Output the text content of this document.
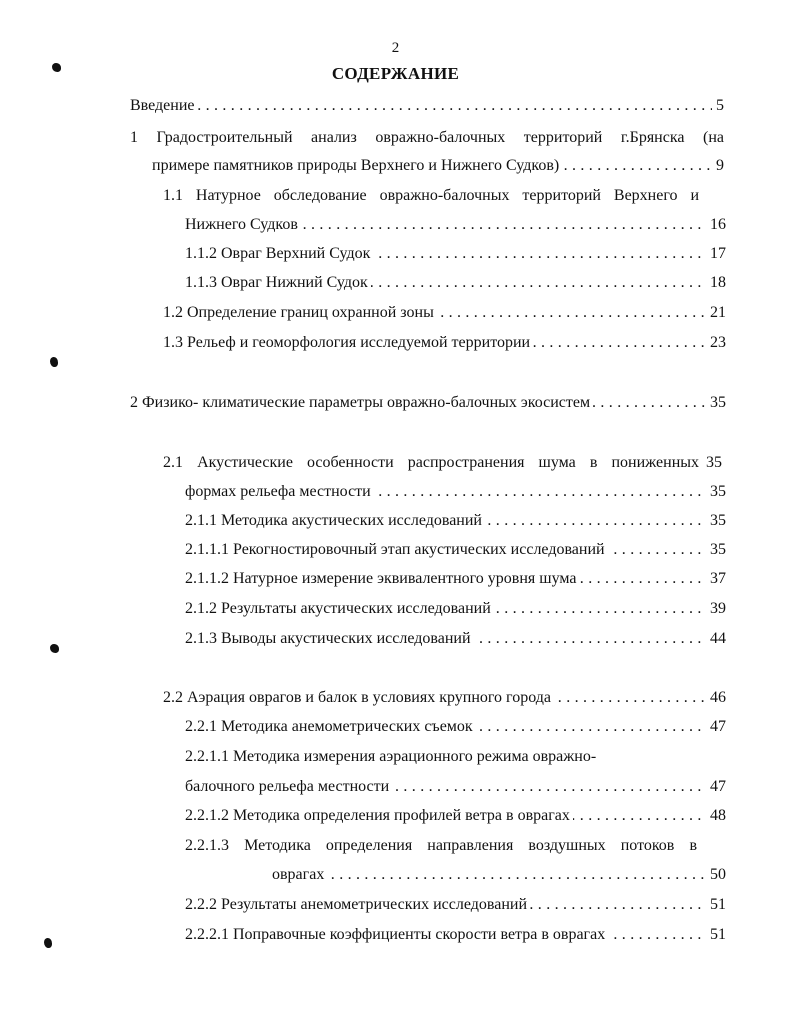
2
СОДЕРЖАНИЕ
. . . Введение	5
1 Градостроительный анализ овражно-балочных территорий г.Брянска (на
. . . примере памятников природы Верхнего и Нижнего Судков)	9
1.1 Натурное обследование овражно-балочных территорий Верхнего и
. . . Нижнего Судков	16
. . . 1.1.2 Овраг Верхний Судок	17
. . . 1.1.3 Овраг Нижний Судок	18
. . . 1.2 Определение границ охранной зоны	21
. . . 1.3 Рельеф и геоморфология исследуемой территории	23
. . . 2 Физико- климатические параметры овражно-балочных экосистем	35
2.1 Акустические особенности распространения шума в пониженных 35
. . . формах рельефа местности	35
. . . 2.1.1 Методика акустических исследований	35
. . . 2.1.1.1 Рекогностировочный этап акустических исследований	35
. . . 2.1.1.2 Натурное измерение эквивалентного уровня шума	37
. . . 2.1.2 Результаты акустических исследований	39
. . . 2.1.3 Выводы акустических исследований	44
. . . 2.2 Аэрация оврагов и балок в условиях крупного города	46
. . . 2.2.1 Методика анемометрических съемок	47
2.2.1.1 Методика измерения аэрационного режима овражно-
. . . балочного рельефа местности	47
. . . 2.2.1.2 Методика определения профилей ветра в оврагах	48
2.2.1.3 Методика определения направления воздушных потоков в
. . . оврагах	50
. . . 2.2.2 Результаты анемометрических исследований	51
. . . 2.2.2.1 Поправочные коэффициенты скорости ветра в оврагах	51
